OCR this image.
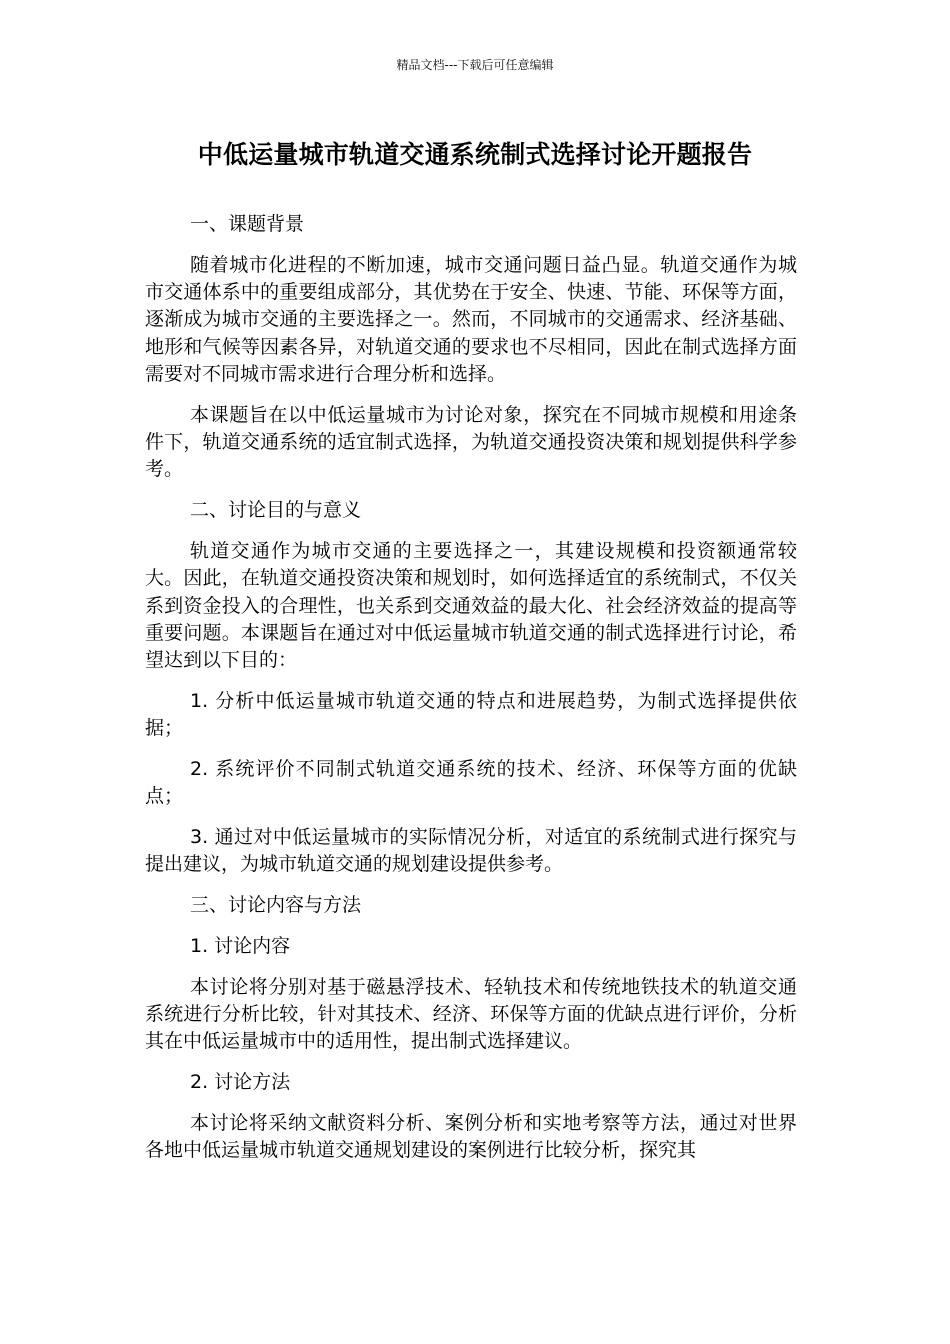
精品文档---下载后可任意编辑
中低运量城市轨道交通系统制式选择讨论开题报告

一、课题背景

随着城市化进程的不断加速，城市交通问题日益凸显。轨道交通作为城市交通体系中的重要组成部分，其优势在于安全、快速、节能、环保等方面，逐渐成为城市交通的主要选择之一。然而，不同城市的交通需求、经济基础、地形和气候等因素各异，对轨道交通的要求也不尽相同，因此在制式选择方面需要对不同城市需求进行合理分析和选择。

本课题旨在以中低运量城市为讨论对象，探究在不同城市规模和用途条件下，轨道交通系统的适宜制式选择，为轨道交通投资决策和规划提供科学参考。

二、讨论目的与意义

轨道交通作为城市交通的主要选择之一，其建设规模和投资额通常较大。因此，在轨道交通投资决策和规划时，如何选择适宜的系统制式，不仅关系到资金投入的合理性，也关系到交通效益的最大化、社会经济效益的提高等重要问题。本课题旨在通过对中低运量城市轨道交通的制式选择进行讨论，希望达到以下目的：

1. 分析中低运量城市轨道交通的特点和进展趋势，为制式选择提供依据；

2. 系统评价不同制式轨道交通系统的技术、经济、环保等方面的优缺点；

3. 通过对中低运量城市的实际情况分析，对适宜的系统制式进行探究与提出建议，为城市轨道交通的规划建设提供参考。

三、讨论内容与方法

1. 讨论内容

本讨论将分别对基于磁悬浮技术、轻轨技术和传统地铁技术的轨道交通系统进行分析比较，针对其技术、经济、环保等方面的优缺点进行评价，分析其在中低运量城市中的适用性，提出制式选择建议。

2. 讨论方法

本讨论将采纳文献资料分析、案例分析和实地考察等方法，通过对世界各地中低运量城市轨道交通规划建设的案例进行比较分析，探究其
